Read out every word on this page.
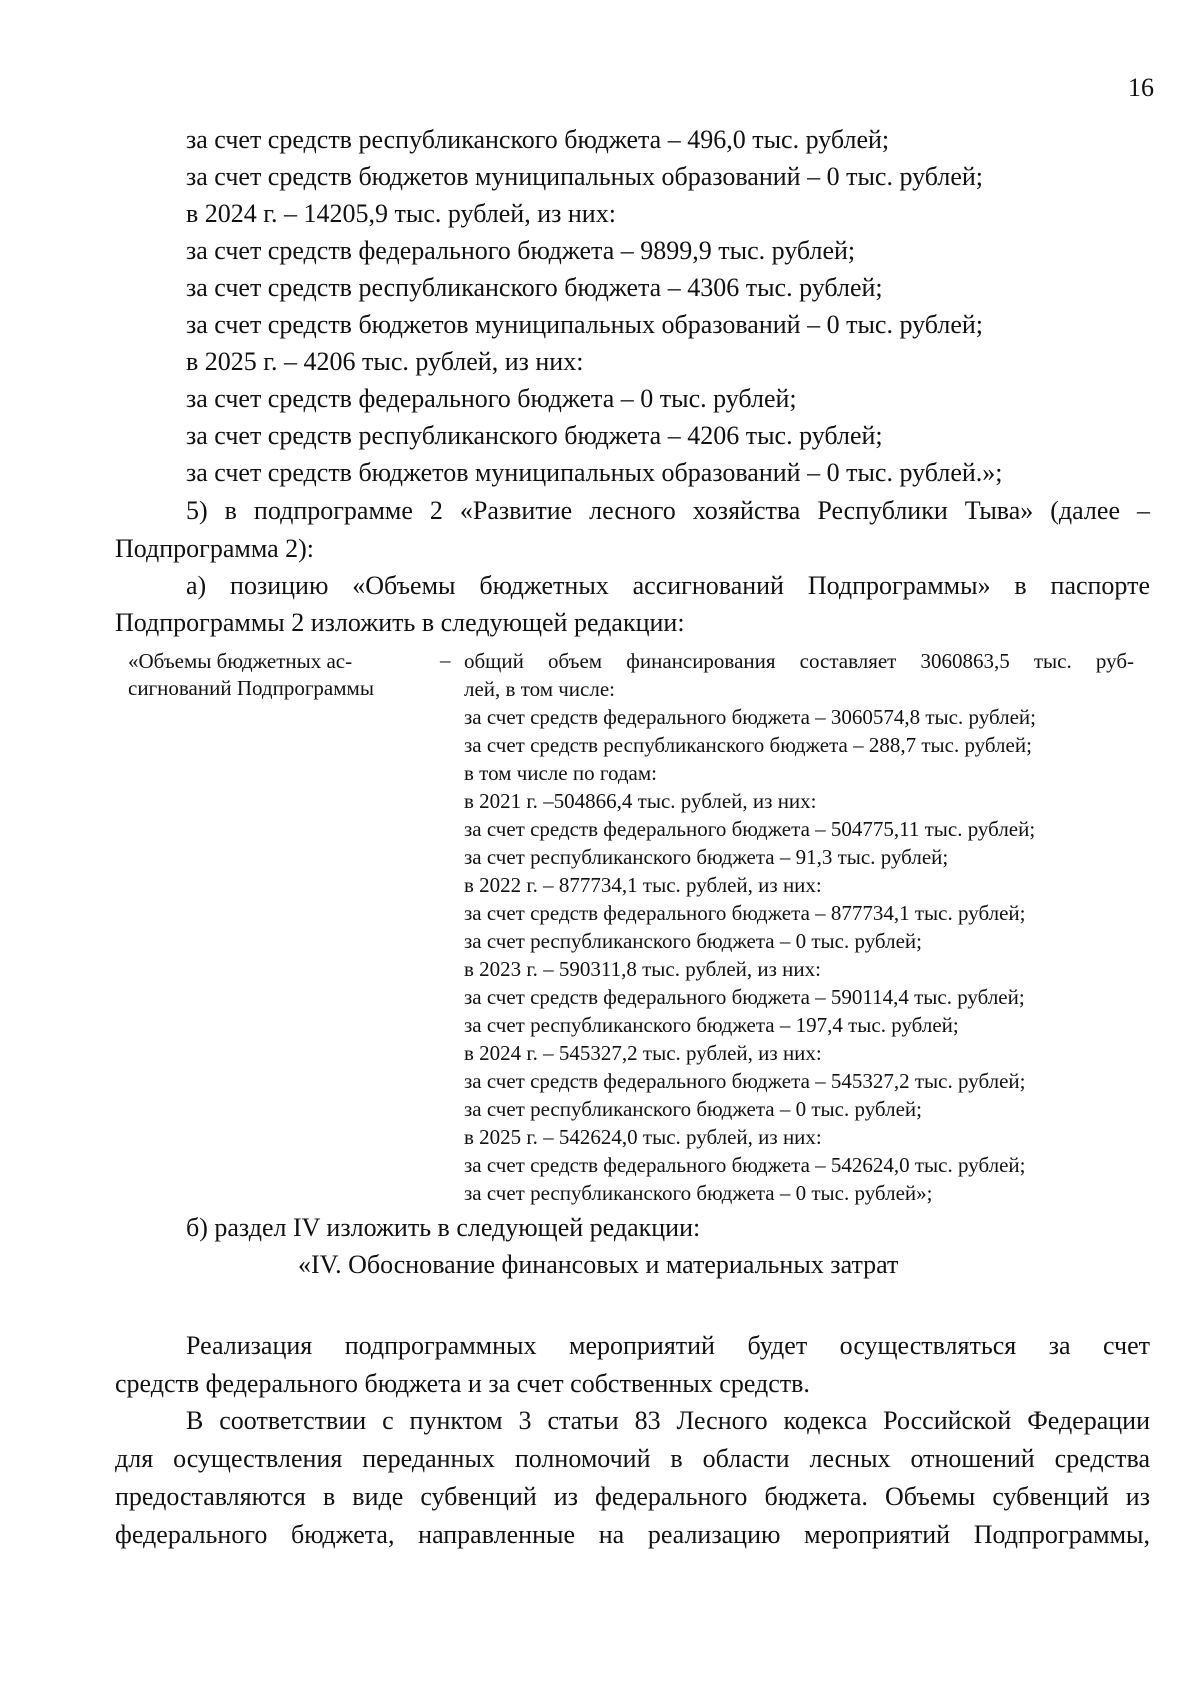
16
за счет средств республиканского бюджета – 496,0 тыс. рублей;
за счет средств бюджетов муниципальных образований – 0 тыс. рублей;
в 2024 г. – 14205,9 тыс. рублей, из них:
за счет средств федерального бюджета – 9899,9 тыс. рублей;
за счет средств республиканского бюджета – 4306 тыс. рублей;
за счет средств бюджетов муниципальных образований – 0 тыс. рублей;
в 2025 г. – 4206 тыс. рублей, из них:
за счет средств федерального бюджета – 0 тыс. рублей;
за счет средств республиканского бюджета – 4206 тыс. рублей;
за счет средств бюджетов муниципальных образований – 0 тыс. рублей.»;
5) в подпрограмме 2 «Развитие лесного хозяйства Республики Тыва» (далее –
Подпрограмма 2):
а) позицию «Объемы бюджетных ассигнований Подпрограммы» в паспорте
Подпрограммы 2 изложить в следующей редакции:
«Объемы бюджетных ас-
сигнований Подпрограммы
– общий объем финансирования составляет 3060863,5 тыс. руб-
лей, в том числе:
за счет средств федерального бюджета – 3060574,8 тыс. рублей;
за счет средств республиканского бюджета – 288,7 тыс. рублей;
в том числе по годам:
в 2021 г. –504866,4 тыс. рублей, из них:
за счет средств федерального бюджета – 504775,11 тыс. рублей;
за счет республиканского бюджета – 91,3 тыс. рублей;
в 2022 г. – 877734,1 тыс. рублей, из них:
за счет средств федерального бюджета – 877734,1 тыс. рублей;
за счет республиканского бюджета – 0 тыс. рублей;
в 2023 г. – 590311,8 тыс. рублей, из них:
за счет средств федерального бюджета – 590114,4 тыс. рублей;
за счет республиканского бюджета – 197,4 тыс. рублей;
в 2024 г. – 545327,2 тыс. рублей, из них:
за счет средств федерального бюджета – 545327,2 тыс. рублей;
за счет республиканского бюджета – 0 тыс. рублей;
в 2025 г. – 542624,0 тыс. рублей, из них:
за счет средств федерального бюджета – 542624,0 тыс. рублей;
за счет республиканского бюджета – 0 тыс. рублей»;
б) раздел IV изложить в следующей редакции:
«IV. Обоснование финансовых и материальных затрат
Реализация подпрограммных мероприятий будет осуществляться за счет
средств федерального бюджета и за счет собственных средств.
В соответствии с пунктом 3 статьи 83 Лесного кодекса Российской Федерации
для осуществления переданных полномочий в области лесных отношений средства
предоставляются в виде субвенций из федерального бюджета. Объемы субвенций из
федерального бюджета, направленные на реализацию мероприятий Подпрограммы,
